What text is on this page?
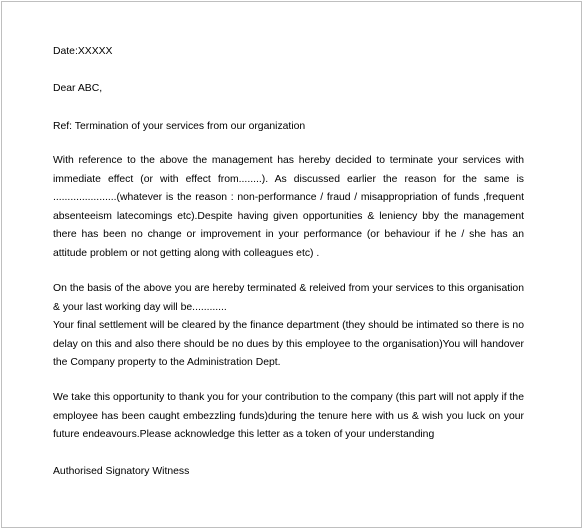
Date:XXXXX
Dear ABC,
Ref: Termination of your services from our organization
With reference to the above the management has hereby decided to terminate your services with immediate effect (or with effect from........). As discussed earlier the reason for the same is ......................(whatever is the reason : non-performance / fraud / misappropriation of funds ,frequent absenteeism latecomings etc).Despite having given opportunities & leniency bby the management there has been no change or improvement in your performance (or behaviour if he / she has an attitude problem or not getting along with colleagues etc) .
On the basis of the above you are hereby terminated & releived from your services to this organisation & your last working day will be............
Your final settlement will be cleared by the finance department (they should be intimated so there is no delay on this and also there should be no dues by this employee to the organisation)You will handover the Company property to the Administration Dept.
We take this opportunity to thank you for your contribution to the company (this part will not apply if the employee has been caught embezzling funds)during the tenure here with us & wish you luck on your future endeavours.Please acknowledge this letter as a token of your understanding
Authorised Signatory Witness
